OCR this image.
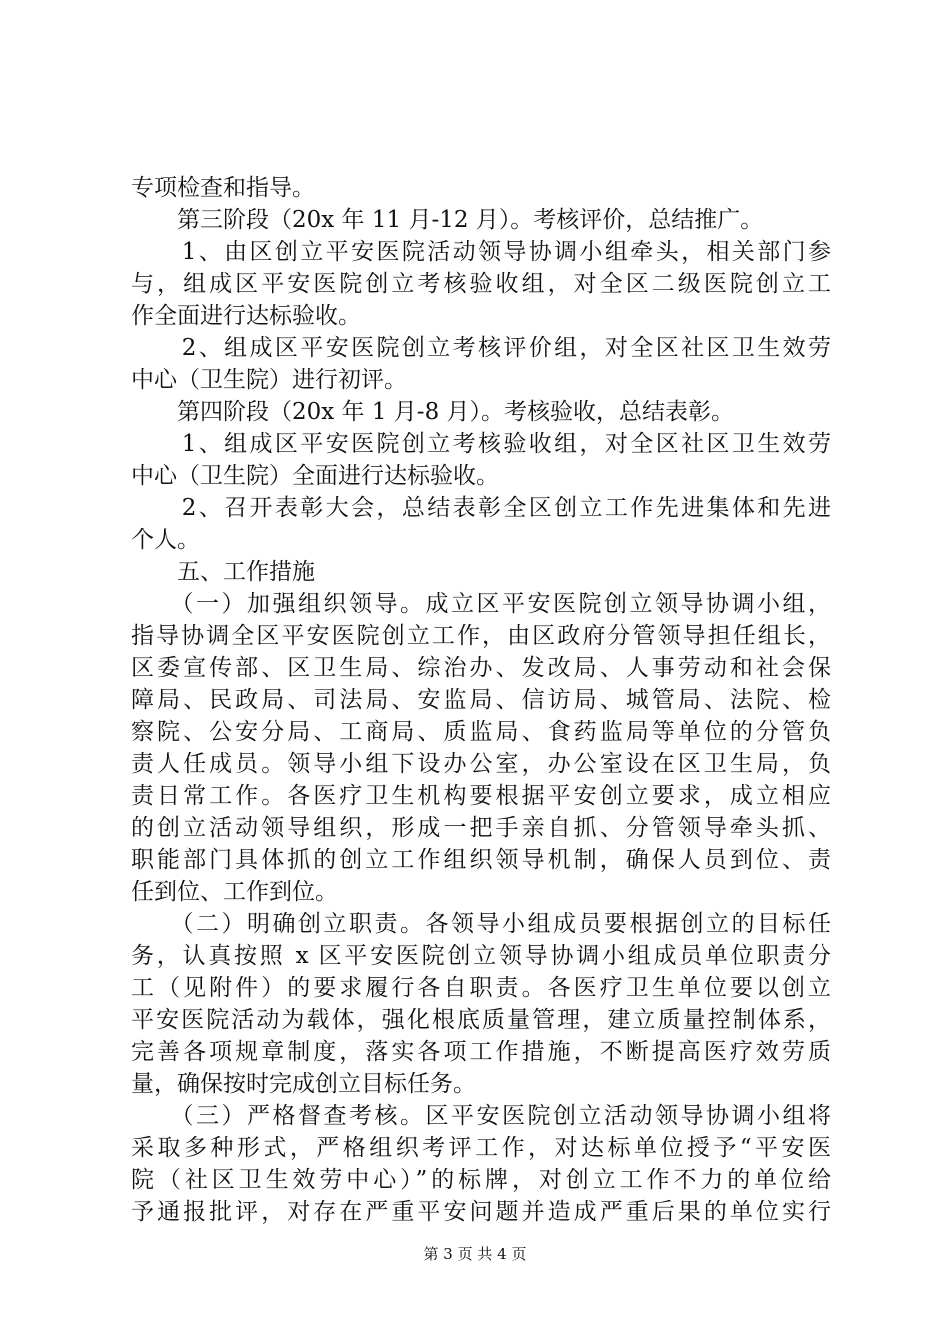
专项检查和指导。
　　第三阶段（20x 年 11 月-12 月）。考核评价，总结推广。
　　1、由区创立平安医院活动领导协调小组牵头，相关部门参
与，组成区平安医院创立考核验收组，对全区二级医院创立工
作全面进行达标验收。
　　2、组成区平安医院创立考核评价组，对全区社区卫生效劳
中心（卫生院）进行初评。
　　第四阶段（20x 年 1 月-8 月）。考核验收，总结表彰。
　　1、组成区平安医院创立考核验收组，对全区社区卫生效劳
中心（卫生院）全面进行达标验收。
　　2、召开表彰大会，总结表彰全区创立工作先进集体和先进
个人。
　　五、工作措施
　　（一）加强组织领导。成立区平安医院创立领导协调小组，
指导协调全区平安医院创立工作，由区政府分管领导担任组长，
区委宣传部、区卫生局、综治办、发改局、人事劳动和社会保
障局、民政局、司法局、安监局、信访局、城管局、法院、检
察院、公安分局、工商局、质监局、食药监局等单位的分管负
责人任成员。领导小组下设办公室，办公室设在区卫生局，负
责日常工作。各医疗卫生机构要根据平安创立要求，成立相应
的创立活动领导组织，形成一把手亲自抓、分管领导牵头抓、
职能部门具体抓的创立工作组织领导机制，确保人员到位、责
任到位、工作到位。
　　（二）明确创立职责。各领导小组成员要根据创立的目标任
务，认真按照 x 区平安医院创立领导协调小组成员单位职责分
工（见附件）的要求履行各自职责。各医疗卫生单位要以创立
平安医院活动为载体，强化根底质量管理，建立质量控制体系，
完善各项规章制度，落实各项工作措施，不断提高医疗效劳质
量，确保按时完成创立目标任务。
　　（三）严格督查考核。区平安医院创立活动领导协调小组将
采取多种形式，严格组织考评工作，对达标单位授予“平安医
院（社区卫生效劳中心）”的标牌，对创立工作不力的单位给
予通报批评，对存在严重平安问题并造成严重后果的单位实行
第 3 页 共 4 页
